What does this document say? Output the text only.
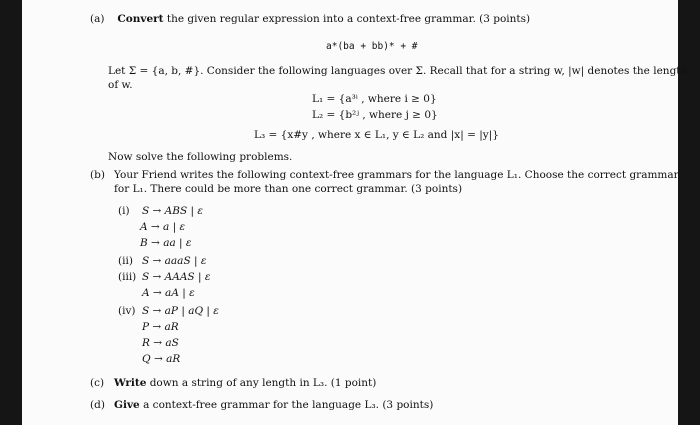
(a) Convert the given regular expression into a context-free grammar. (3 points)
a*(ba + bb)* + #
Let Σ = {a, b, #}. Consider the following languages over Σ. Recall that for a string w, |w| denotes the length
of w.
L₁ = {a³ⁱ , where i ≥ 0}
L₂ = {b²ʲ , where j ≥ 0}
L₃ = {x#y , where x ∈ L₁, y ∈ L₂ and |x| = |y|}
Now solve the following problems.
(b) Your Friend writes the following context-free grammars for the language L₁. Choose the correct grammar
for L₁. There could be more than one correct grammar. (3 points)
(i) S → ABS | ε
A → a | ε
B → aa | ε
(ii) S → aaaS | ε
(iii) S → AAAS | ε
A → aA | ε
(iv) S → aP | aQ | ε
P → aR
R → aS
Q → aR
(c) Write down a string of any length in L₃. (1 point)
(d) Give a context-free grammar for the language L₃. (3 points)
